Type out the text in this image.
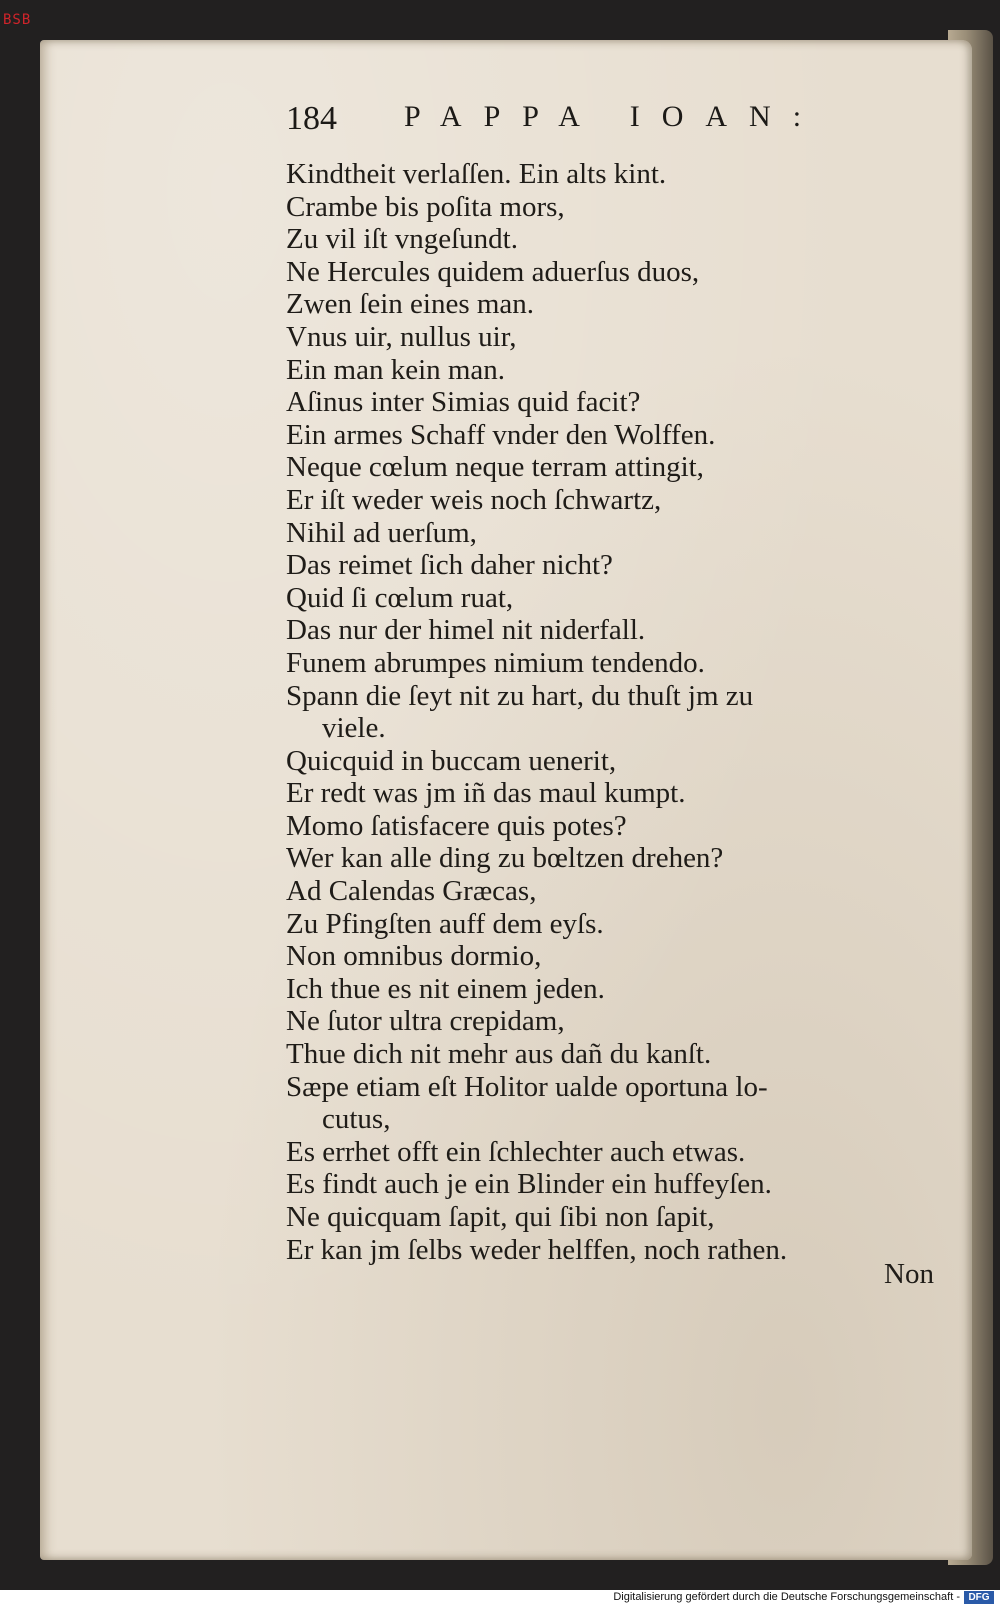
BSB
184 PAPPA IOAN:
Kindtheit verlaſſen. Ein alts kint.
Crambe bis poſita mors,
Zu vil iſt vngeſundt.
Ne Hercules quidem aduerſus duos,
Zwen ſein eines man.
Vnus uir, nullus uir,
Ein man kein man.
Aſinus inter Simias quid facit?
Ein armes Schaff vnder den Wolffen.
Neque cœlum neque terram attingit,
Er iſt weder weis noch ſchwartz,
Nihil ad uerſum,
Das reimet ſich daher nicht?
Quid ſi cœlum ruat,
Das nur der himel nit niderfall.
Funem abrumpes nimium tendendo.
Spann die ſeyt nit zu hart, du thuſt jm zu
viele.
Quicquid in buccam uenerit,
Er redt was jm iñ das maul kumpt.
Momo ſatisfacere quis potes?
Wer kan alle ding zu bœltzen drehen?
Ad Calendas Græcas,
Zu Pfingſten auff dem eyſs.
Non omnibus dormio,
Ich thue es nit einem jeden.
Ne ſutor ultra crepidam,
Thue dich nit mehr aus dañ du kanſt.
Sæpe etiam eſt Holitor ualde oportuna lo-
cutus,
Es errhet offt ein ſchlechter auch etwas.
Es findt auch je ein Blinder ein huffeyſen.
Ne quicquam ſapit, qui ſibi non ſapit,
Er kan jm ſelbs weder helffen, noch rathen.
Non
Digitalisierung gefördert durch die Deutsche Forschungsgemeinschaft - DFG
